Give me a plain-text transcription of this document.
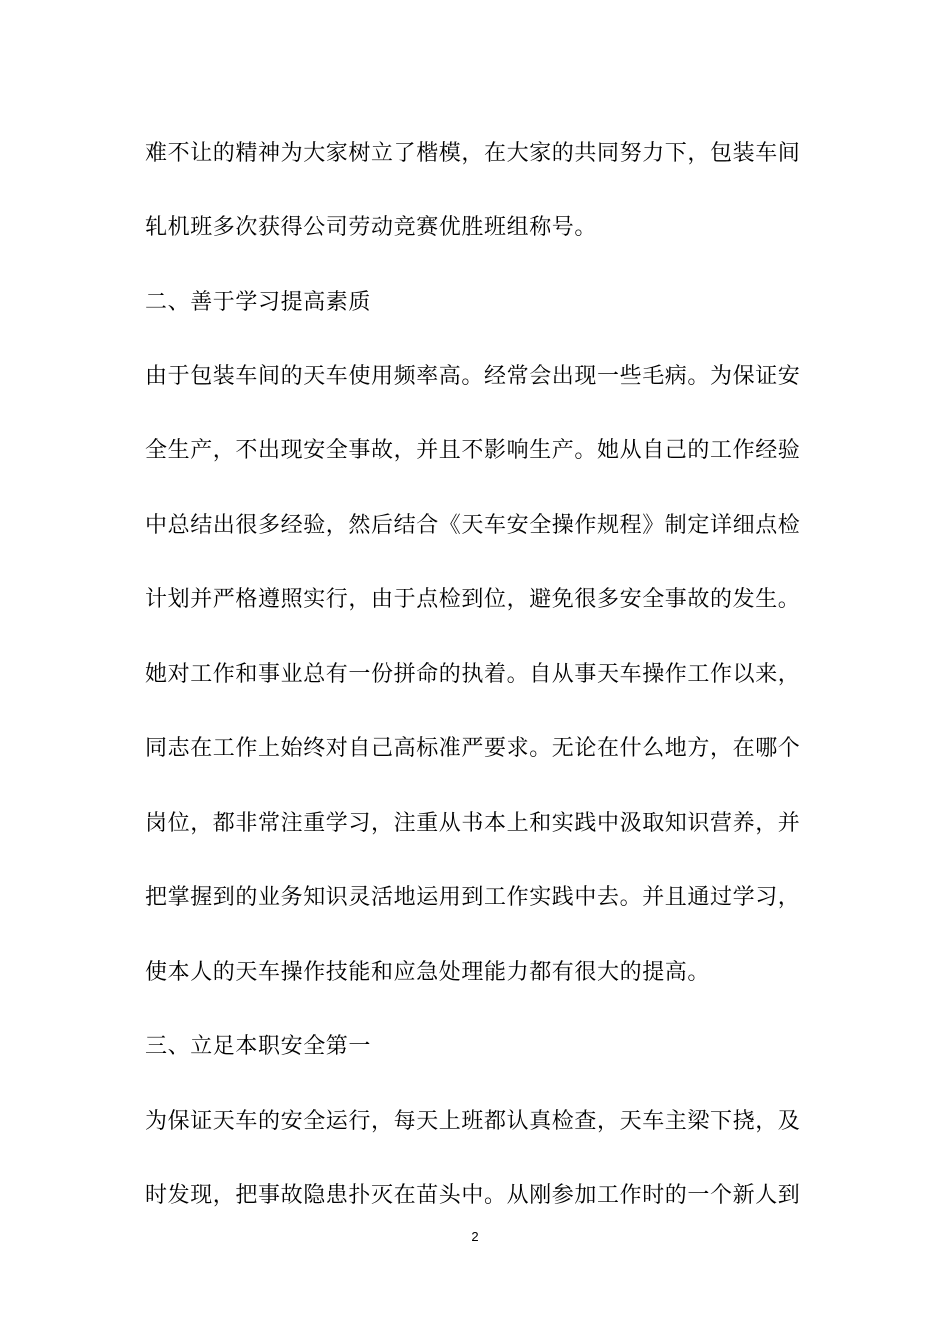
难不让的精神为大家树立了楷模，在大家的共同努力下，包装车间
轧机班多次获得公司劳动竞赛优胜班组称号。
二、善于学习提高素质
由于包装车间的天车使用频率高。经常会出现一些毛病。为保证安
全生产，不出现安全事故，并且不影响生产。她从自己的工作经验
中总结出很多经验，然后结合《天车安全操作规程》制定详细点检
计划并严格遵照实行，由于点检到位，避免很多安全事故的发生。
她对工作和事业总有一份拼命的执着。自从事天车操作工作以来，
同志在工作上始终对自己高标准严要求。无论在什么地方，在哪个
岗位，都非常注重学习，注重从书本上和实践中汲取知识营养，并
把掌握到的业务知识灵活地运用到工作实践中去。并且通过学习，
使本人的天车操作技能和应急处理能力都有很大的提高。
三、立足本职安全第一
为保证天车的安全运行，每天上班都认真检查，天车主梁下挠，及
时发现，把事故隐患扑灭在苗头中。从刚参加工作时的一个新人到
2
